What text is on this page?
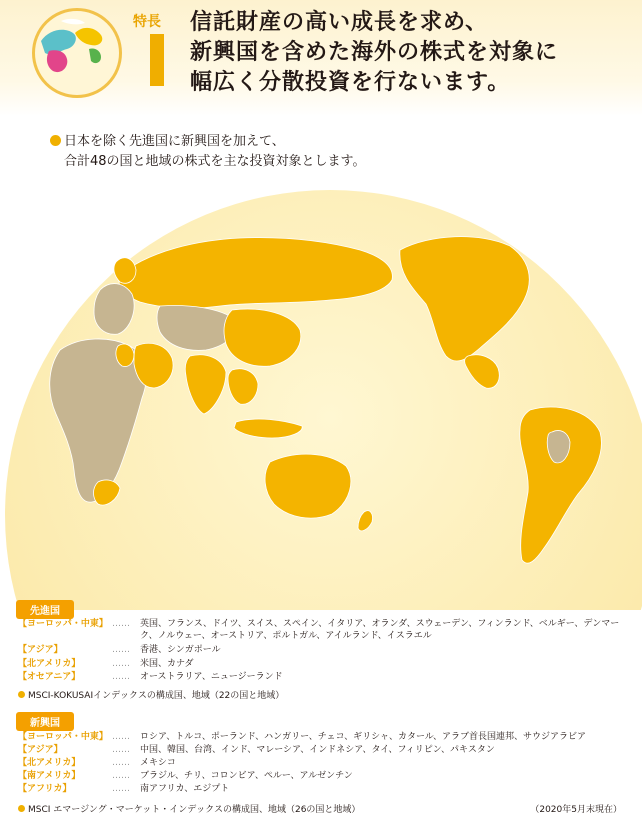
特長 信託財産の高い成長を求め、
新興国を含めた海外の株式を対象に
幅広く分散投資を行ないます。
日本を除く先進国に新興国を加えて、
合計48の国と地域の株式を主な投資対象とします。
先進国
【ヨーロッパ・中東】 …… 英国、フランス、ドイツ、スイス、スペイン、イタリア、オランダ、スウェーデン、フィンランド、ベルギー、デンマーク、ノルウェー、オーストリア、ポルトガル、アイルランド、イスラエル
【アジア】	…… 香港、シンガポール
【北アメリカ】	…… 米国、カナダ
【オセアニア】	…… オーストラリア、ニュージーランド
MSCI-KOKUSAIインデックスの構成国、地域（22の国と地域）
新興国
【ヨーロッパ・中東】 …… ロシア、トルコ、ポーランド、ハンガリー、チェコ、ギリシャ、カタール、アラブ首長国連邦、サウジアラビア
【アジア】	…… 中国、韓国、台湾、インド、マレーシア、インドネシア、タイ、フィリピン、パキスタン
【北アメリカ】	…… メキシコ
【南アメリカ】	…… ブラジル、チリ、コロンビア、ペルー、アルゼンチン
【アフリカ】	…… 南アフリカ、エジプト
MSCI エマージング・マーケット・インデックスの構成国、地域（26の国と地域）	（2020年5月末現在）
